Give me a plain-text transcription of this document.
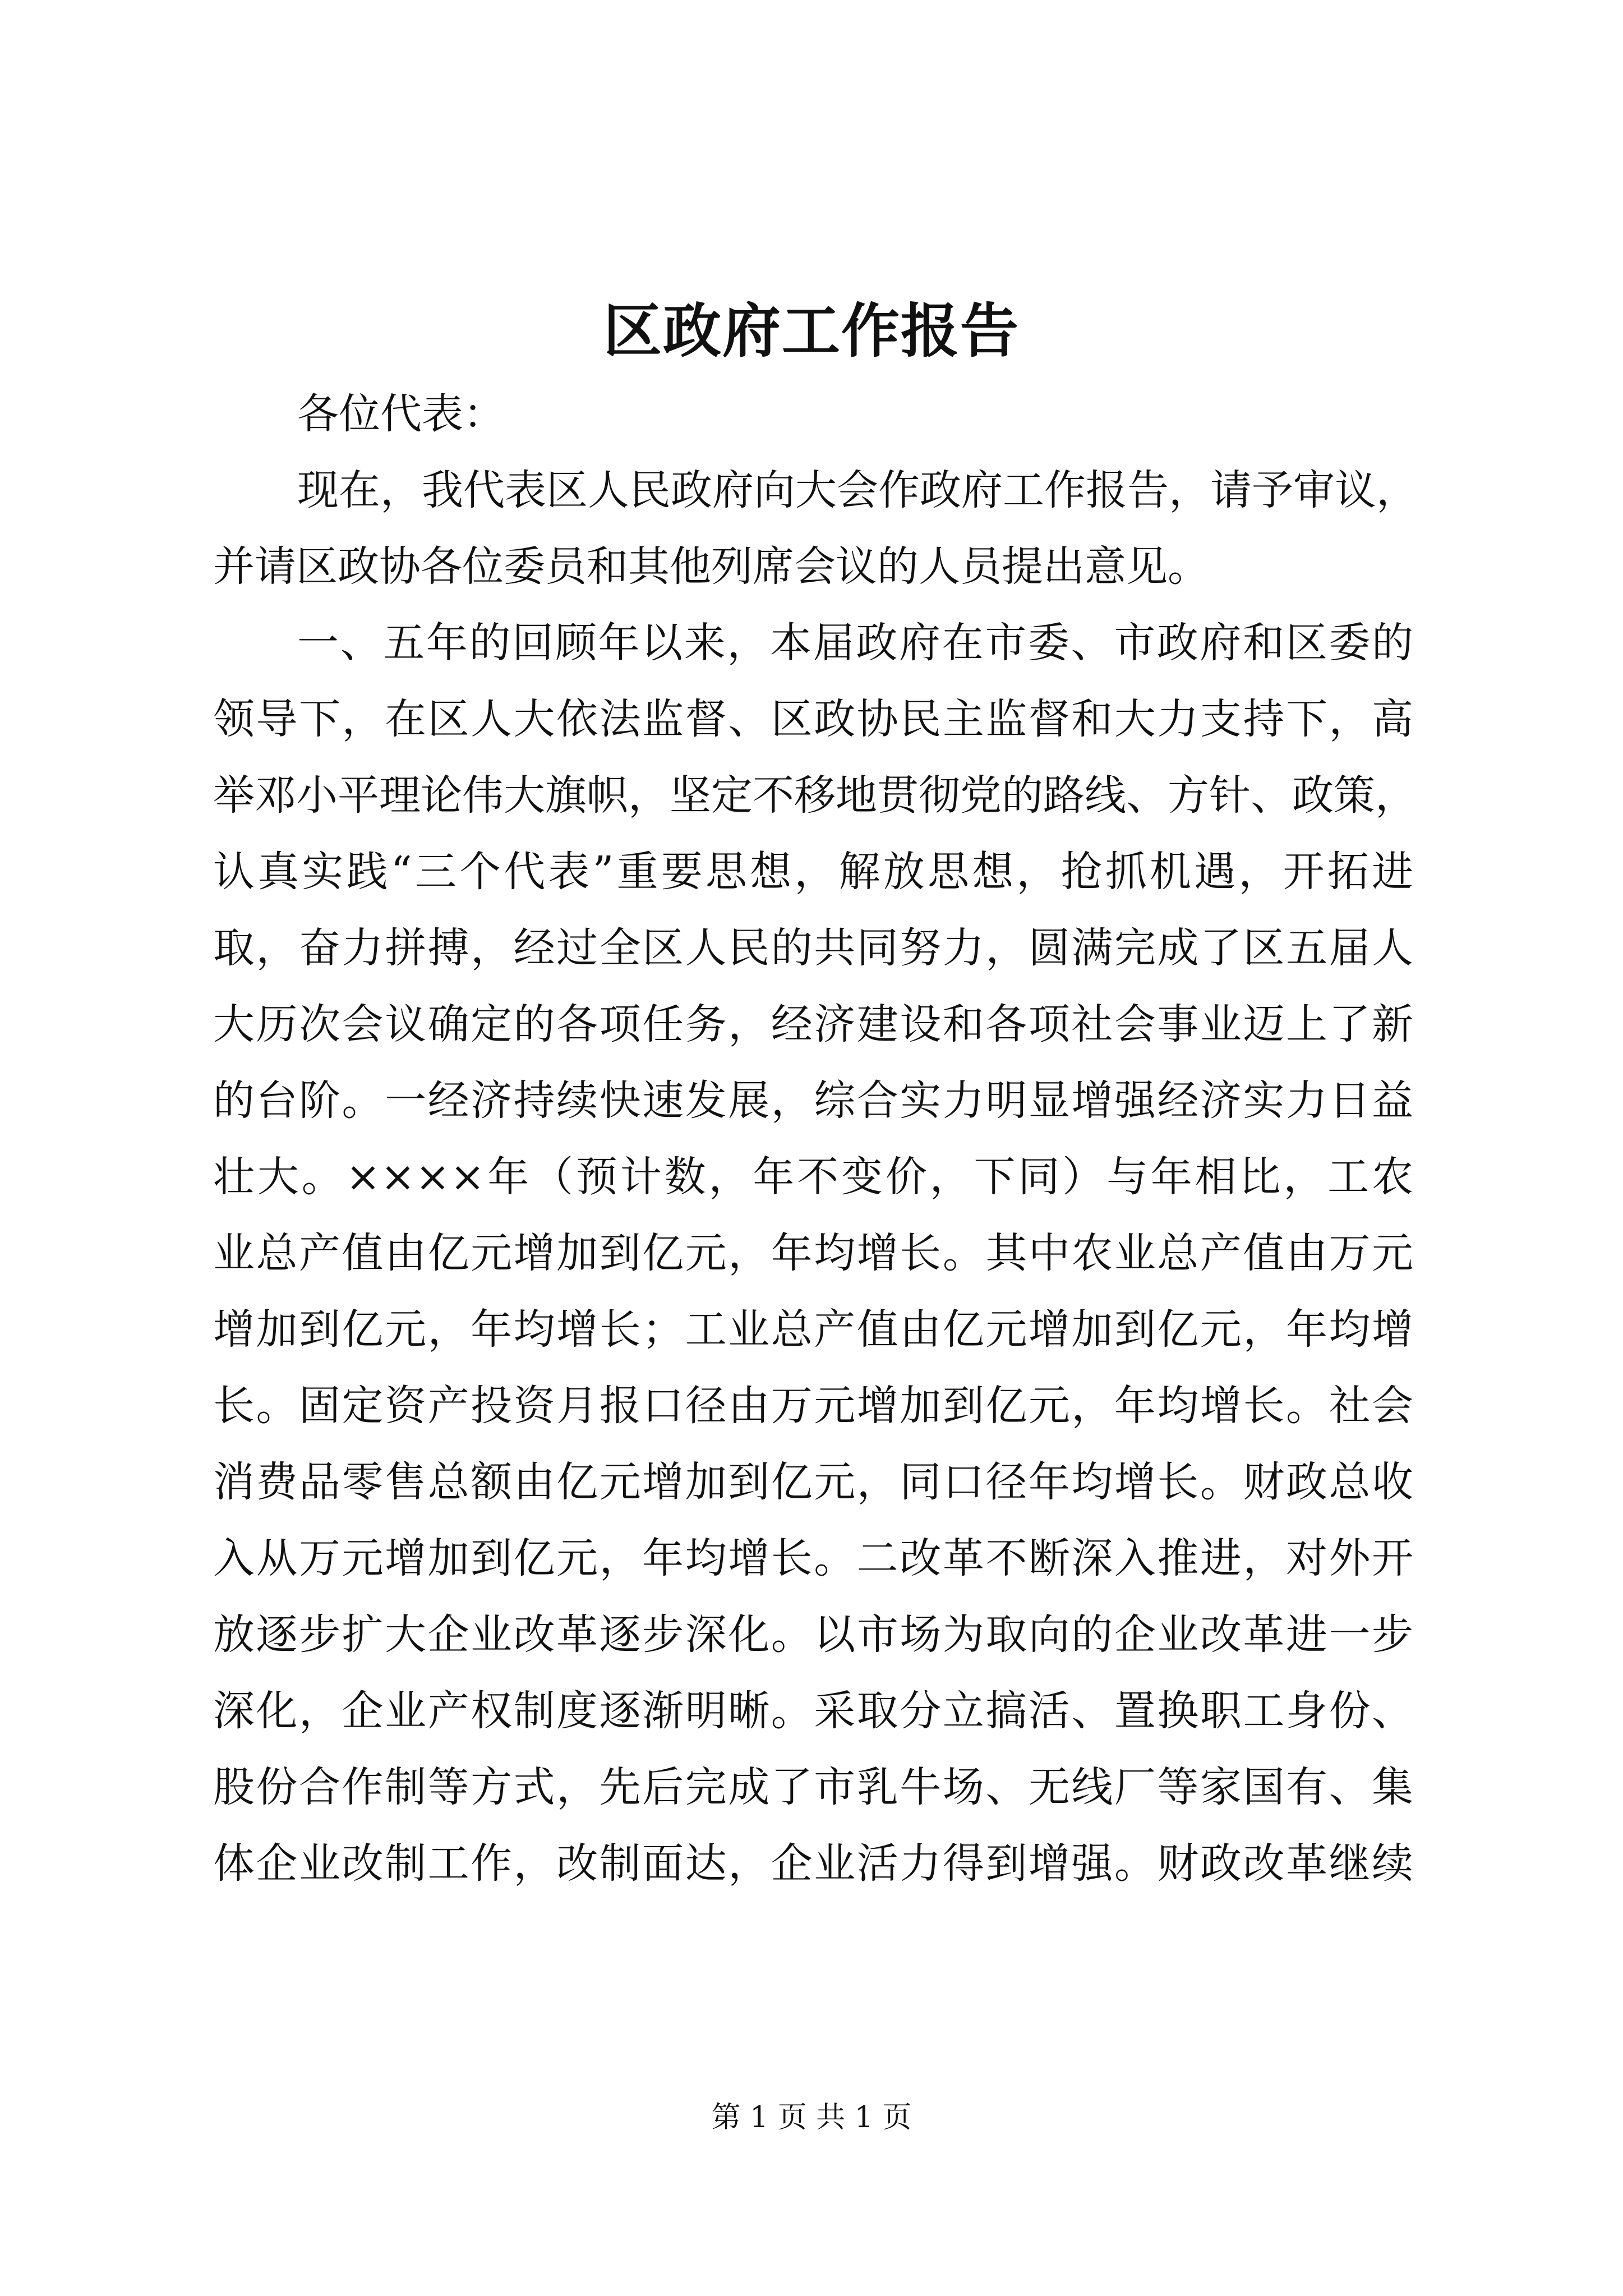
区政府工作报告
各位代表：
现在，我代表区人民政府向大会作政府工作报告，请予审议，
并请区政协各位委员和其他列席会议的人员提出意见。
一、五年的回顾年以来，本届政府在市委、市政府和区委的
领导下，在区人大依法监督、区政协民主监督和大力支持下，高
举邓小平理论伟大旗帜，坚定不移地贯彻党的路线、方针、政策，
认真实践“三个代表”重要思想，解放思想，抢抓机遇，开拓进
取，奋力拼搏，经过全区人民的共同努力，圆满完成了区五届人
大历次会议确定的各项任务，经济建设和各项社会事业迈上了新
的台阶。一经济持续快速发展，综合实力明显增强经济实力日益
壮大。××××年（预计数，年不变价，下同）与年相比，工农
业总产值由亿元增加到亿元，年均增长。其中农业总产值由万元
增加到亿元，年均增长；工业总产值由亿元增加到亿元，年均增
长。固定资产投资月报口径由万元增加到亿元，年均增长。社会
消费品零售总额由亿元增加到亿元，同口径年均增长。财政总收
入从万元增加到亿元，年均增长。二改革不断深入推进，对外开
放逐步扩大企业改革逐步深化。以市场为取向的企业改革进一步
深化，企业产权制度逐渐明晰。采取分立搞活、置换职工身份、
股份合作制等方式，先后完成了市乳牛场、无线厂等家国有、集
体企业改制工作，改制面达，企业活力得到增强。财政改革继续
第 1 页 共 1 页
